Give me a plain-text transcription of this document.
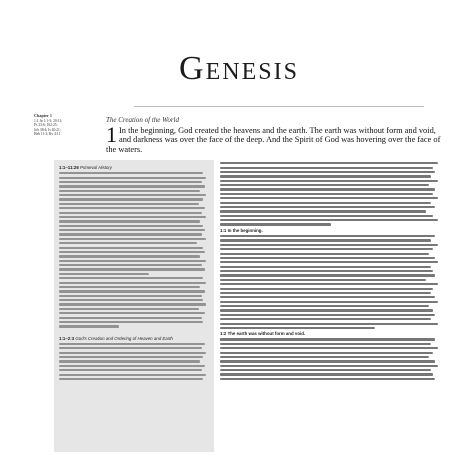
Genesis
Chapter 1
1:1 Jn 1:1-3; 20:11;
Ps 33:6; 102:25;
Job 38:4; Is 40:21;
Heb 11:3; Rv 4:11
The Creation of the World
1 In the beginning, God created the heavens and the earth. The earth was without form and void, and darkness was over the face of the deep. And the Spirit of God was hovering over the face of the waters.
1:1–11:26 Primeval History
1:1–2:3 God's Creation and Ordering of Heaven and Earth
1:1 In the beginning.
1:2 The earth was without form and void.
